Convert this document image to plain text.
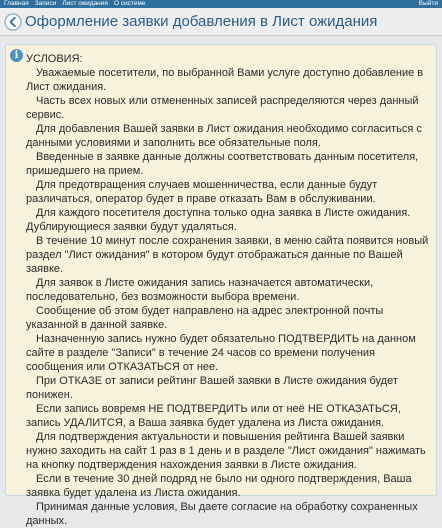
Главная Записи Лист ожидания О системе	Выйти
Оформление заявки добавления в Лист ожидания
i УСЛОВИЯ:

Уважаемые посетители, по выбранной Вами услуге доступно добавление в Лист ожидания.

Часть всех новых или отмененных записей распределяются через данный сервис.

Для добавления Вашей заявки в Лист ожидания необходимо согласиться с данными условиями и заполнить все обязательные поля.

Введенные в заявке данные должны соответствовать данным посетителя, пришедшего на прием.

Для предотвращения случаев мошенничества, если данные будут различаться, оператор будет в праве отказать Вам в обслуживании.

Для каждого посетителя доступна только одна заявка в Листе ожидания. Дублирующиеся заявки будут удаляться.

В течение 10 минут после сохранения заявки, в меню сайта появится новый раздел "Лист ожидания" в котором будут отображаться данные по Вашей заявке.

Для заявок в Листе ожидания запись назначается автоматически, последовательно, без возможности выбора времени.

Сообщение об этом будет направлено на адрес электронной почты указанной в данной заявке.

Назначенную запись нужно будет обязательно ПОДТВЕРДИТЬ на данном сайте в разделе "Записи" в течение 24 часов со времени получения сообщения или ОТКАЗАТЬСЯ от нее.

При ОТКАЗЕ от записи рейтинг Вашей заявки в Листе ожидания будет понижен.

Если запись вовремя НЕ ПОДТВЕРДИТЬ или от неё НЕ ОТКАЗАТЬСЯ, запись УДАЛИТСЯ, а Ваша заявка будет удалена из Листа ожидания.

Для подтверждения актуальности и повышения рейтинга Вашей заявки нужно заходить на сайт 1 раз в 1 день и в разделе "Лист ожидания" нажимать на кнопку подтверждения нахождения заявки в Листе ожидания.

Если в течение 30 дней подряд не было ни одного подтверждения, Ваша заявка будет удалена из Листа ожидания.

Принимая данные условия, Вы даете согласие на обработку сохраненных данных.
